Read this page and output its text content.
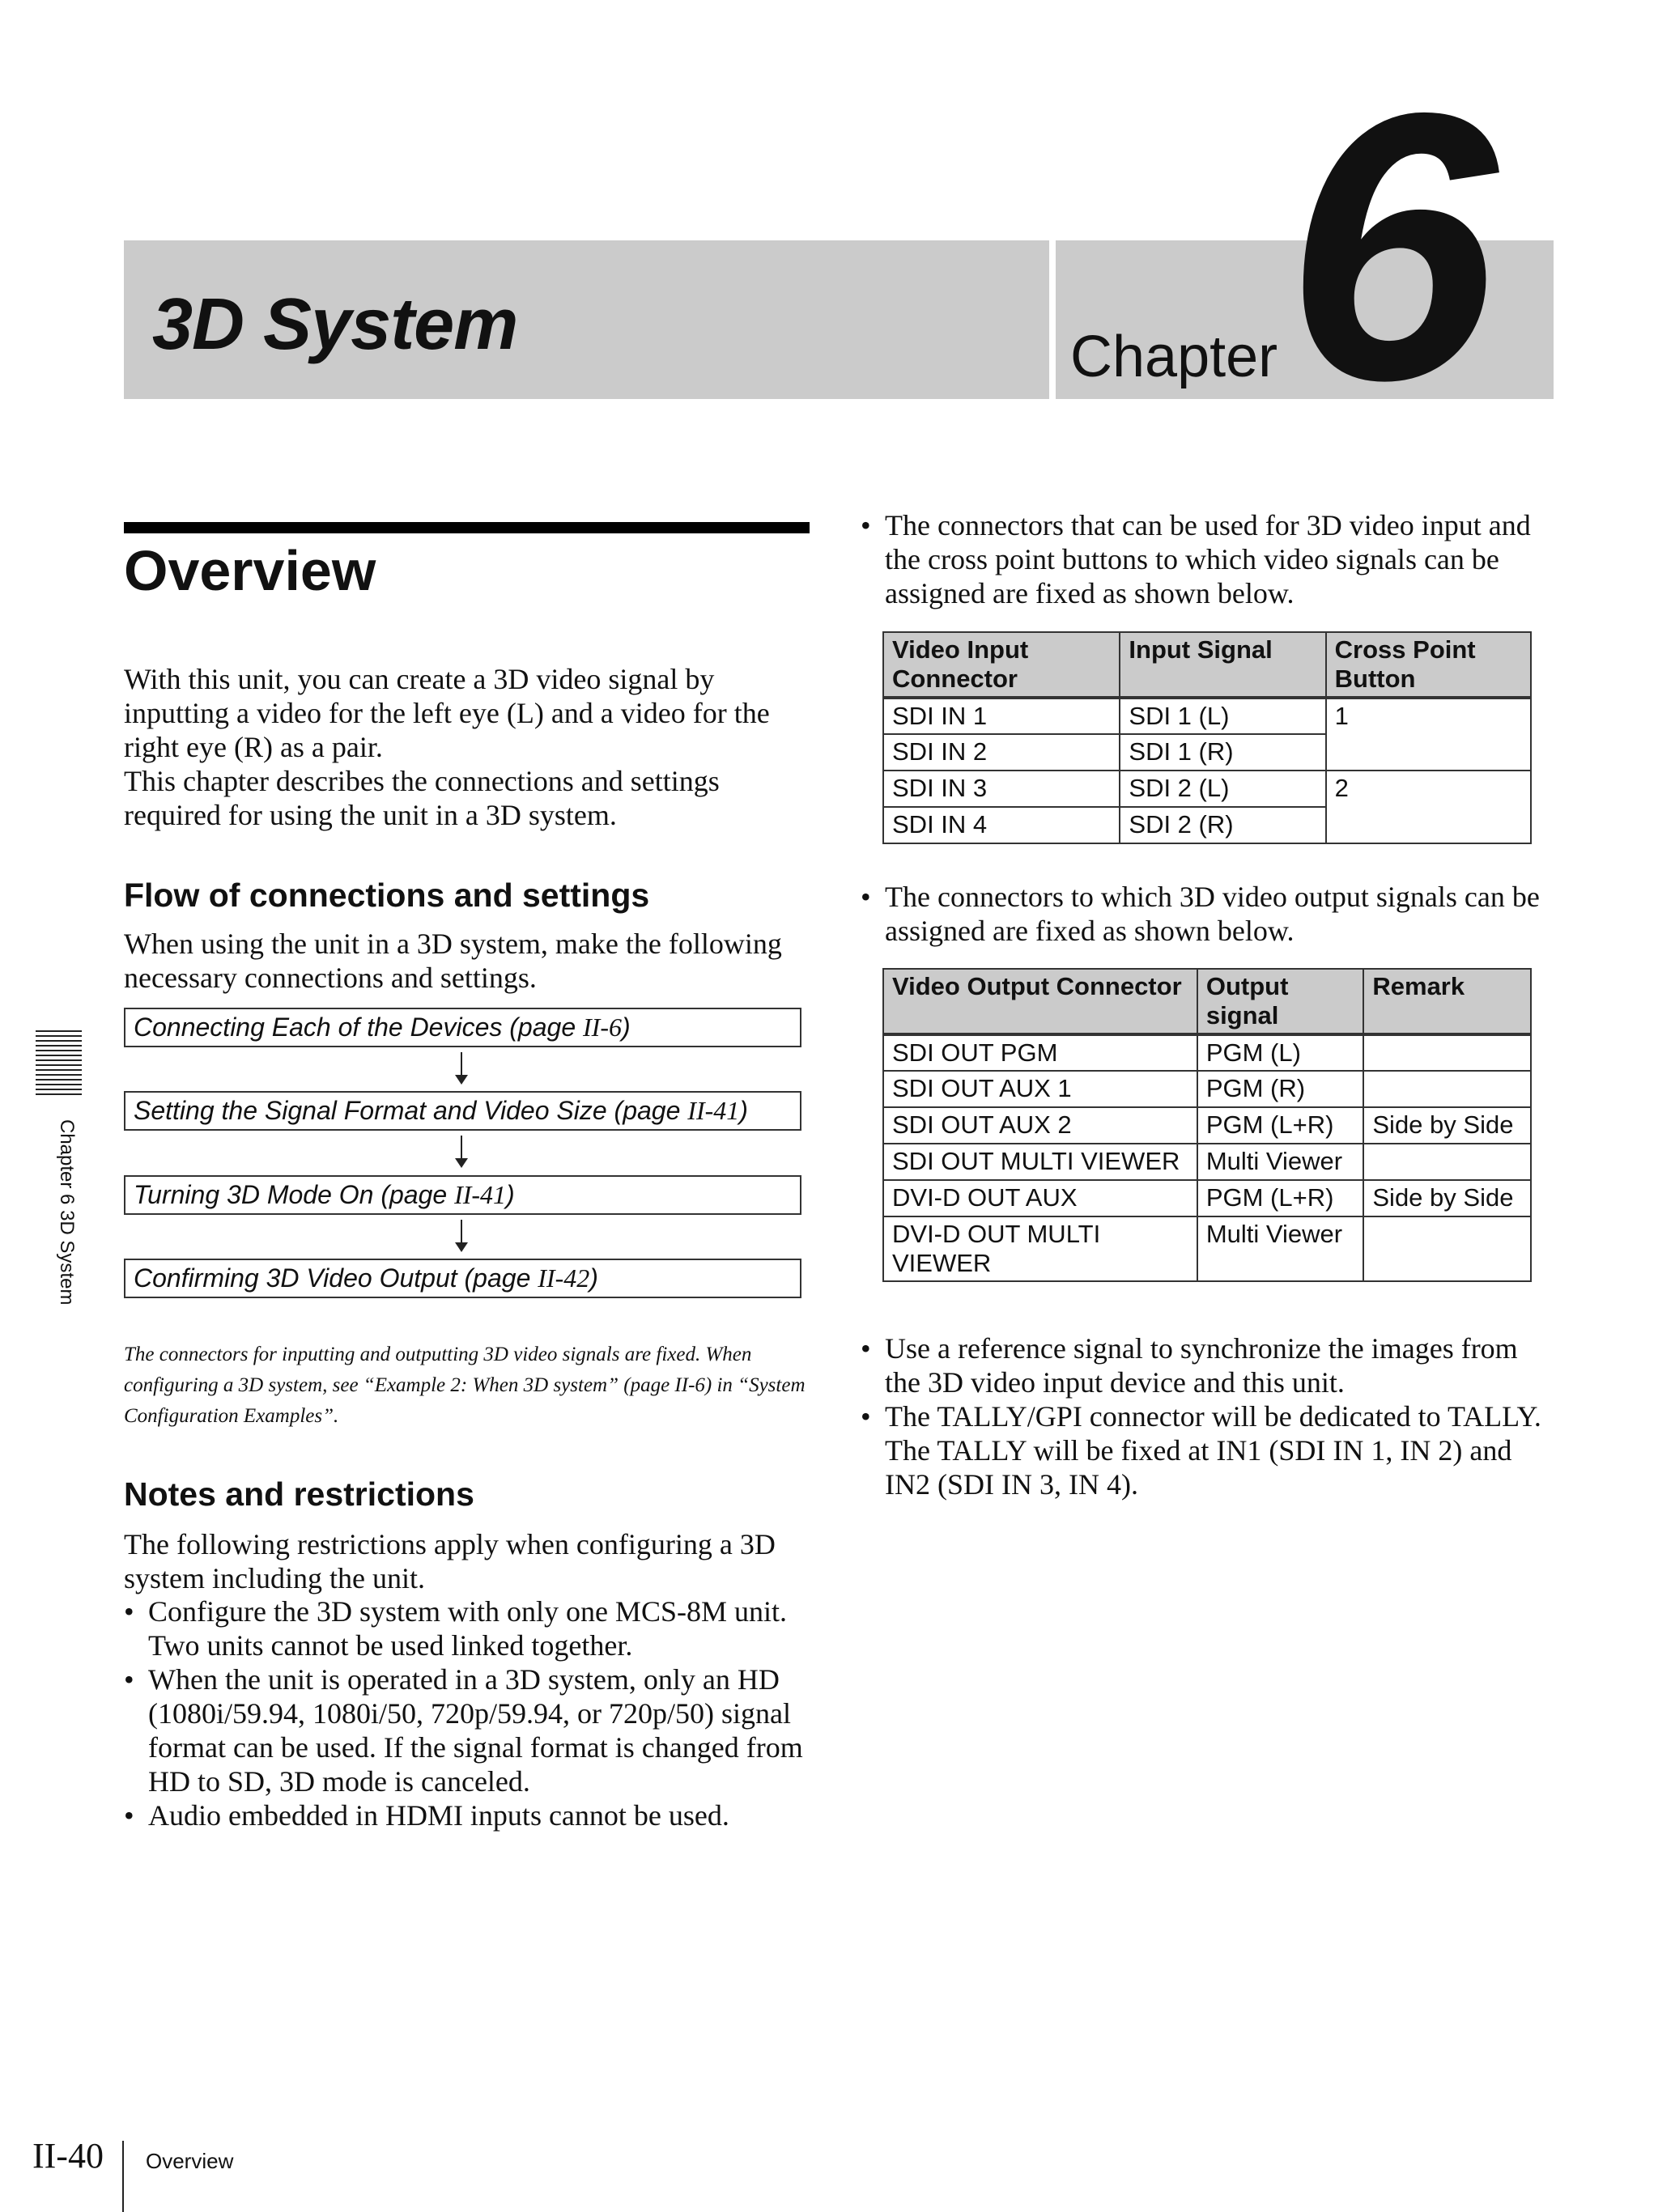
3D System	Chapter 6
Overview
With this unit, you can create a 3D video signal by inputting a video for the left eye (L) and a video for the right eye (R) as a pair.
This chapter describes the connections and settings required for using the unit in a 3D system.
Flow of connections and settings
When using the unit in a 3D system, make the following necessary connections and settings.
Connecting Each of the Devices (page II-6)
Setting the Signal Format and Video Size (page II-41)
Turning 3D Mode On (page II-41)
Confirming 3D Video Output (page II-42)
The connectors for inputting and outputting 3D video signals are fixed. When configuring a 3D system, see “Example 2: When 3D system” (page II-6) in “System Configuration Examples”.
Notes and restrictions
The following restrictions apply when configuring a 3D system including the unit.
• Configure the 3D system with only one MCS-8M unit. Two units cannot be used linked together.
• When the unit is operated in a 3D system, only an HD (1080i/59.94, 1080i/50, 720p/59.94, or 720p/50) signal format can be used. If the signal format is changed from HD to SD, 3D mode is canceled.
• Audio embedded in HDMI inputs cannot be used.
• The connectors that can be used for 3D video input and the cross point buttons to which video signals can be assigned are fixed as shown below.
Video Input Connector	Input Signal	Cross Point Button
SDI IN 1	SDI 1 (L)	1
SDI IN 2	SDI 1 (R)	
SDI IN 3	SDI 2 (L)	2
SDI IN 4	SDI 2 (R)	
• The connectors to which 3D video output signals can be assigned are fixed as shown below.
Video Output Connector	Output signal	Remark
SDI OUT PGM	PGM (L)	
SDI OUT AUX 1	PGM (R)	
SDI OUT AUX 2	PGM (L+R)	Side by Side
SDI OUT MULTI VIEWER	Multi Viewer	
DVI-D OUT AUX	PGM (L+R)	Side by Side
DVI-D OUT MULTI VIEWER	Multi Viewer	
• Use a reference signal to synchronize the images from the 3D video input device and this unit.
• The TALLY/GPI connector will be dedicated to TALLY. The TALLY will be fixed at IN1 (SDI IN 1, IN 2) and IN2 (SDI IN 3, IN 4).
Chapter 6 3D System
II-40 Overview
